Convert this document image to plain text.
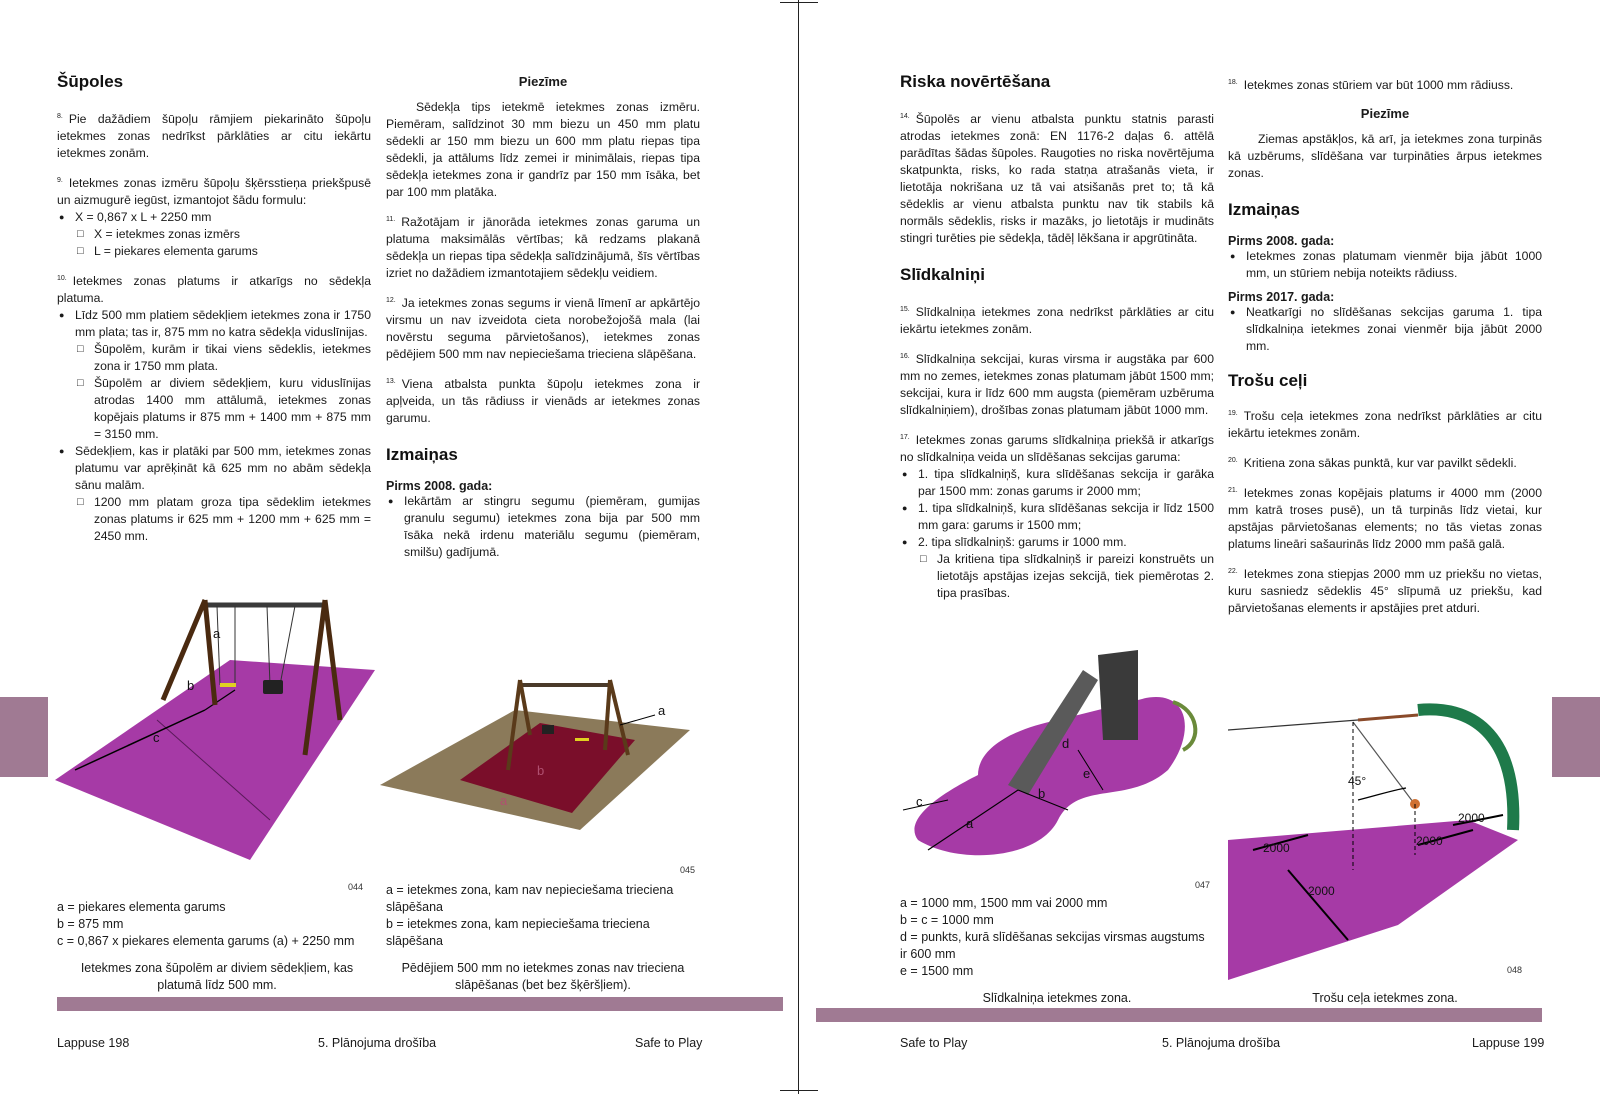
Šūpoles
$^{8.}$ Pie dažādiem šūpoļu rāmjiem piekarināto šūpoļu ietekmes zonas nedrīkst pārklāties ar citu iekārtu ietekmes zonām.
$^{9.}$ Ietekmes zonas izmēru šūpoļu šķērsstieņa priekšpusē un aizmugurē iegūst, izmantojot šādu formulu:
● X = 0,867 x L + 2250 mm
□ X = ietekmes zonas izmērs
□ L = piekares elementa garums
$^{10.}$ Ietekmes zonas platums ir atkarīgs no sēdekļa platuma.
● Līdz 500 mm platiem sēdekļiem ietekmes zona ir 1750 mm plata; tas ir, 875 mm no katra sēdekļa viduslīnijas.
□ Šūpolēm, kurām ir tikai viens sēdeklis, ietekmes zona ir 1750 mm plata.
□ Šūpolēm ar diviem sēdekļiem, kuru viduslīnijas atrodas 1400 mm attālumā, ietekmes zonas kopējais platums ir 875 mm + 1400 mm + 875 mm = 3150 mm.
● Sēdekļiem, kas ir platāki par 500 mm, ietekmes zonas platumu var aprēķināt kā 625 mm no abām sēdekļa sānu malām.
□ 1200 mm platam groza tipa sēdeklim ietekmes zonas platums ir 625 mm + 1200 mm + 625 mm = 2450 mm.
Piezīme
Sēdekļa tips ietekmē ietekmes zonas izmēru. Piemēram, salīdzinot 30 mm biezu un 450 mm platu sēdekli ar 150 mm biezu un 600 mm platu riepas tipa sēdekli, ja attālums līdz zemei ir minimālais, riepas tipa sēdekļa ietekmes zona ir gandrīz par 150 mm īsāka, bet par 100 mm platāka.
$^{11.}$ Ražotājam ir jānorāda ietekmes zonas garuma un platuma maksimālās vērtības; kā redzams plakanā sēdekļa un riepas tipa sēdekļa salīdzinājumā, šīs vērtības izriet no dažādiem izmantotajiem sēdekļu veidiem.
$^{12.}$ Ja ietekmes zonas segums ir vienā līmenī ar apkārtējo virsmu un nav izveidota cieta norobežojošā mala (lai novērstu seguma pārvietošanos), ietekmes zonas pēdējiem 500 mm nav nepieciešama trieciena slāpēšana.
$^{13.}$ Viena atbalsta punkta šūpoļu ietekmes zona ir apļveida, un tās rādiuss ir vienāds ar ietekmes zonas garumu.
Izmaiņas
Pirms 2008. gada:
● Iekārtām ar stingru segumu (piemēram, gumijas granulu segumu) ietekmes zona bija par 500 mm īsāka nekā irdenu materiālu segumu (piemēram, smilšu) gadījumā.
a
b
c
044
a = piekares elementa garums
b = 875 mm
c = 0,867 x piekares elementa garums (a) + 2250 mm
Ietekmes zona šūpolēm ar diviem sēdekļiem, kas platumā līdz 500 mm.
a
b
a
045
a = ietekmes zona, kam nav nepieciešama trieciena slāpēšana
b = ietekmes zona, kam nepieciešama trieciena slāpēšana
Pēdējiem 500 mm no ietekmes zonas nav trieciena slāpēšanas (bet bez šķēršļiem).
Lappuse 198	5. Plānojuma drošība	Safe to Play
Riska novērtēšana
$^{14.}$ Šūpolēs ar vienu atbalsta punktu statnis parasti atrodas ietekmes zonā: EN 1176-2 daļas 6. attēlā parādītas šādas šūpoles. Raugoties no riska novērtējuma skatpunkta, risks, ko rada statņa atrašanās vieta, ir lietotāja nokrišana uz tā vai atsišanās pret to; tā kā sēdeklis ar vienu atbalsta punktu nav tik stabils kā normāls sēdeklis, risks ir mazāks, jo lietotājs ir mudināts stingri turēties pie sēdekļa, tādēļ lēkšana ir apgrūtināta.
Slīdkalniņi
$^{15.}$ Slīdkalniņa ietekmes zona nedrīkst pārklāties ar citu iekārtu ietekmes zonām.
$^{16.}$ Slīdkalniņa sekcijai, kuras virsma ir augstāka par 600 mm no zemes, ietekmes zonas platumam jābūt 1500 mm; sekcijai, kura ir līdz 600 mm augsta (piemēram uzbēruma slīdkalniņiem), drošības zonas platumam jābūt 1000 mm.
$^{17.}$ Ietekmes zonas garums slīdkalniņa priekšā ir atkarīgs no slīdkalniņa veida un slīdēšanas sekcijas garuma:
● 1. tipa slīdkalniņš, kura slīdēšanas sekcija ir garāka par 1500 mm: zonas garums ir 2000 mm;
● 1. tipa slīdkalniņš, kura slīdēšanas sekcija ir līdz 1500 mm gara: garums ir 1500 mm;
● 2. tipa slīdkalniņš: garums ir 1000 mm.
□ Ja kritiena tipa slīdkalniņš ir pareizi konstruēts un lietotājs apstājas izejas sekcijā, tiek piemērotas 2. tipa prasības.
$^{18.}$ Ietekmes zonas stūriem var būt 1000 mm rādiuss.
Piezīme
Ziemas apstākļos, kā arī, ja ietekmes zona turpinās kā uzbērums, slīdēšana var turpināties ārpus ietekmes zonas.
Izmaiņas
Pirms 2008. gada:
● Ietekmes zonas platumam vienmēr bija jābūt 1000 mm, un stūriem nebija noteikts rādiuss.
Pirms 2017. gada:
● Neatkarīgi no slīdēšanas sekcijas garuma 1. tipa slīdkalniņa ietekmes zonai vienmēr bija jābūt 2000 mm.
Trošu ceļi
$^{19.}$ Trošu ceļa ietekmes zona nedrīkst pārklāties ar citu iekārtu ietekmes zonām.
$^{20.}$ Kritiena zona sākas punktā, kur var pavilkt sēdekli.
$^{21.}$ Ietekmes zonas kopējais platums ir 4000 mm (2000 mm katrā troses pusē), un tā turpinās līdz vietai, kur apstājas pārvietošanas elements; no tās vietas zonas platums lineāri sašaurinās līdz 2000 mm pašā galā.
$^{22.}$ Ietekmes zona stiepjas 2000 mm uz priekšu no vietas, kuru sasniedz sēdeklis 45° slīpumā uz priekšu, kad pārvietošanas elements ir apstājies pret atduri.
a
b
c
d
e
047
a = 1000 mm, 1500 mm vai 2000 mm
b = c = 1000 mm
d = punkts, kurā slīdēšanas sekcijas virsmas augstums ir 600 mm
e = 1500 mm
Slīdkalniņa ietekmes zona.
45°
2000
2000
2000
2000
048
Trošu ceļa ietekmes zona.
Safe to Play	5. Plānojuma drošība	Lappuse 199
